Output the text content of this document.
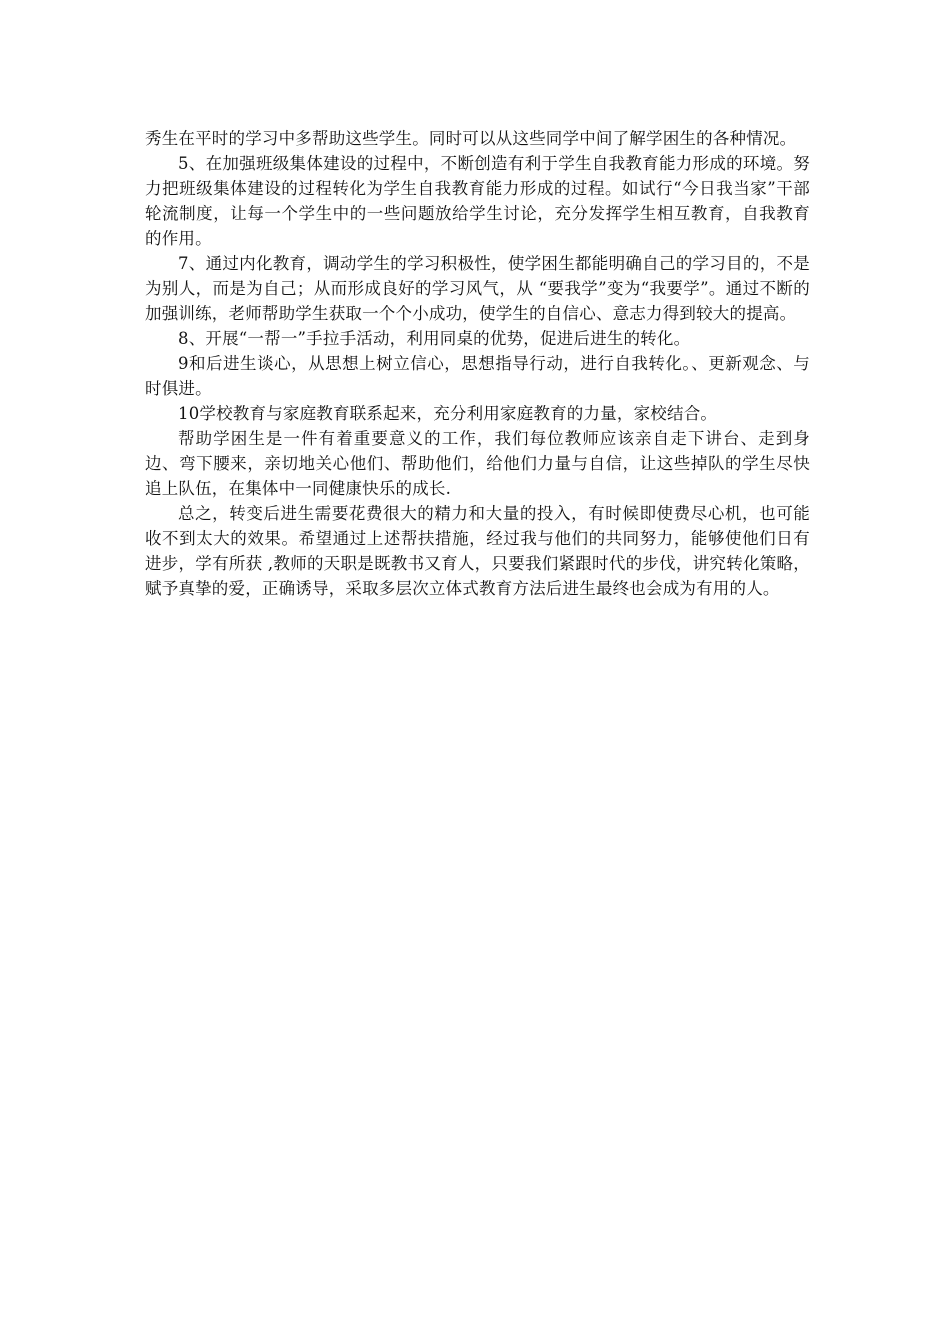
秀生在平时的学习中多帮助这些学生。同时可以从这些同学中间了解学困生的各种情况。

5、在加强班级集体建设的过程中，不断创造有利于学生自我教育能力形成的环境。努力把班级集体建设的过程转化为学生自我教育能力形成的过程。如试行“今日我当家”干部轮流制度，让每一个学生中的一些问题放给学生讨论，充分发挥学生相互教育，自我教育的作用。

7、通过内化教育，调动学生的学习积极性，使学困生都能明确自己的学习目的，不是为别人，而是为自己；从而形成良好的学习风气，从 “要我学”变为“我要学”。通过不断的加强训练，老师帮助学生获取一个个小成功，使学生的自信心、意志力得到较大的提高。

8、开展“一帮一”手拉手活动，利用同桌的优势，促进后进生的转化。

9和后进生谈心，从思想上树立信心，思想指导行动，进行自我转化。、更新观念、与时俱进。

10学校教育与家庭教育联系起来，充分利用家庭教育的力量，家校结合。

帮助学困生是一件有着重要意义的工作，我们每位教师应该亲自走下讲台、走到身边、弯下腰来，亲切地关心他们、帮助他们，给他们力量与自信，让这些掉队的学生尽快追上队伍，在集体中一同健康快乐的成长.

总之，转变后进生需要花费很大的精力和大量的投入，有时候即使费尽心机，也可能收不到太大的效果。希望通过上述帮扶措施，经过我与他们的共同努力，能够使他们日有进步，学有所获 ,教师的天职是既教书又育人，只要我们紧跟时代的步伐，讲究转化策略，赋予真挚的爱，正确诱导，采取多层次立体式教育方法后进生最终也会成为有用的人。
